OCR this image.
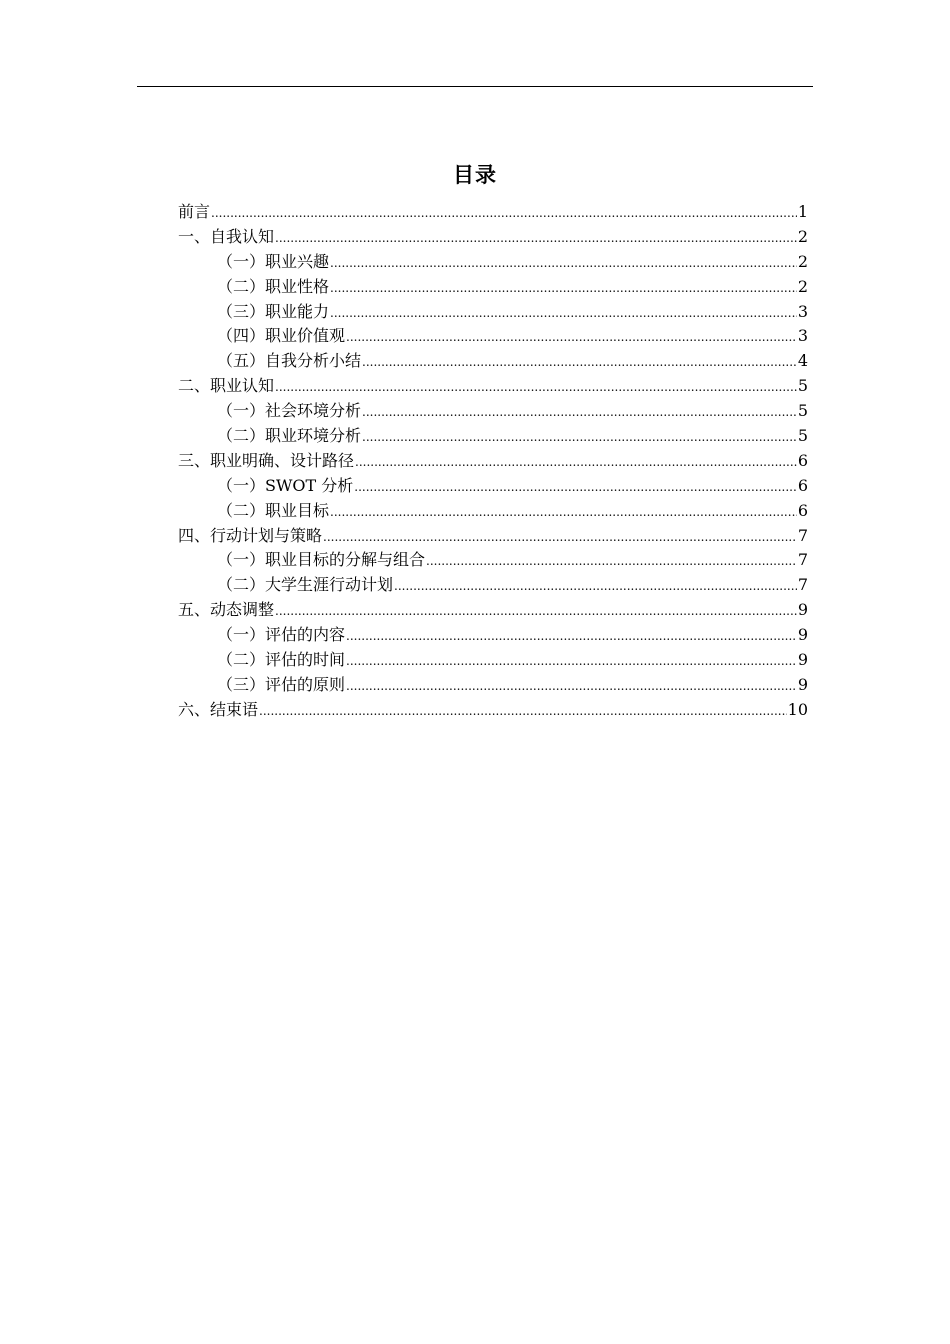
目录
前言 .....	1
一、自我认知 .....	2
（一）职业兴趣 .....	2
（二）职业性格 .....	2
（三）职业能力 .....	3
（四）职业价值观 .....	3
（五）自我分析小结 .....	4
二、职业认知 .....	5
（一）社会环境分析 .....	5
（二）职业环境分析 .....	5
三、职业明确、设计路径 .....	6
（一）SWOT 分析 .....	6
（二）职业目标 .....	6
四、行动计划与策略 .....	7
（一）职业目标的分解与组合 .....	7
（二）大学生涯行动计划 .....	7
五、动态调整 .....	9
（一）评估的内容 .....	9
（二）评估的时间 .....	9
（三）评估的原则 .....	9
六、结束语 .....	10
